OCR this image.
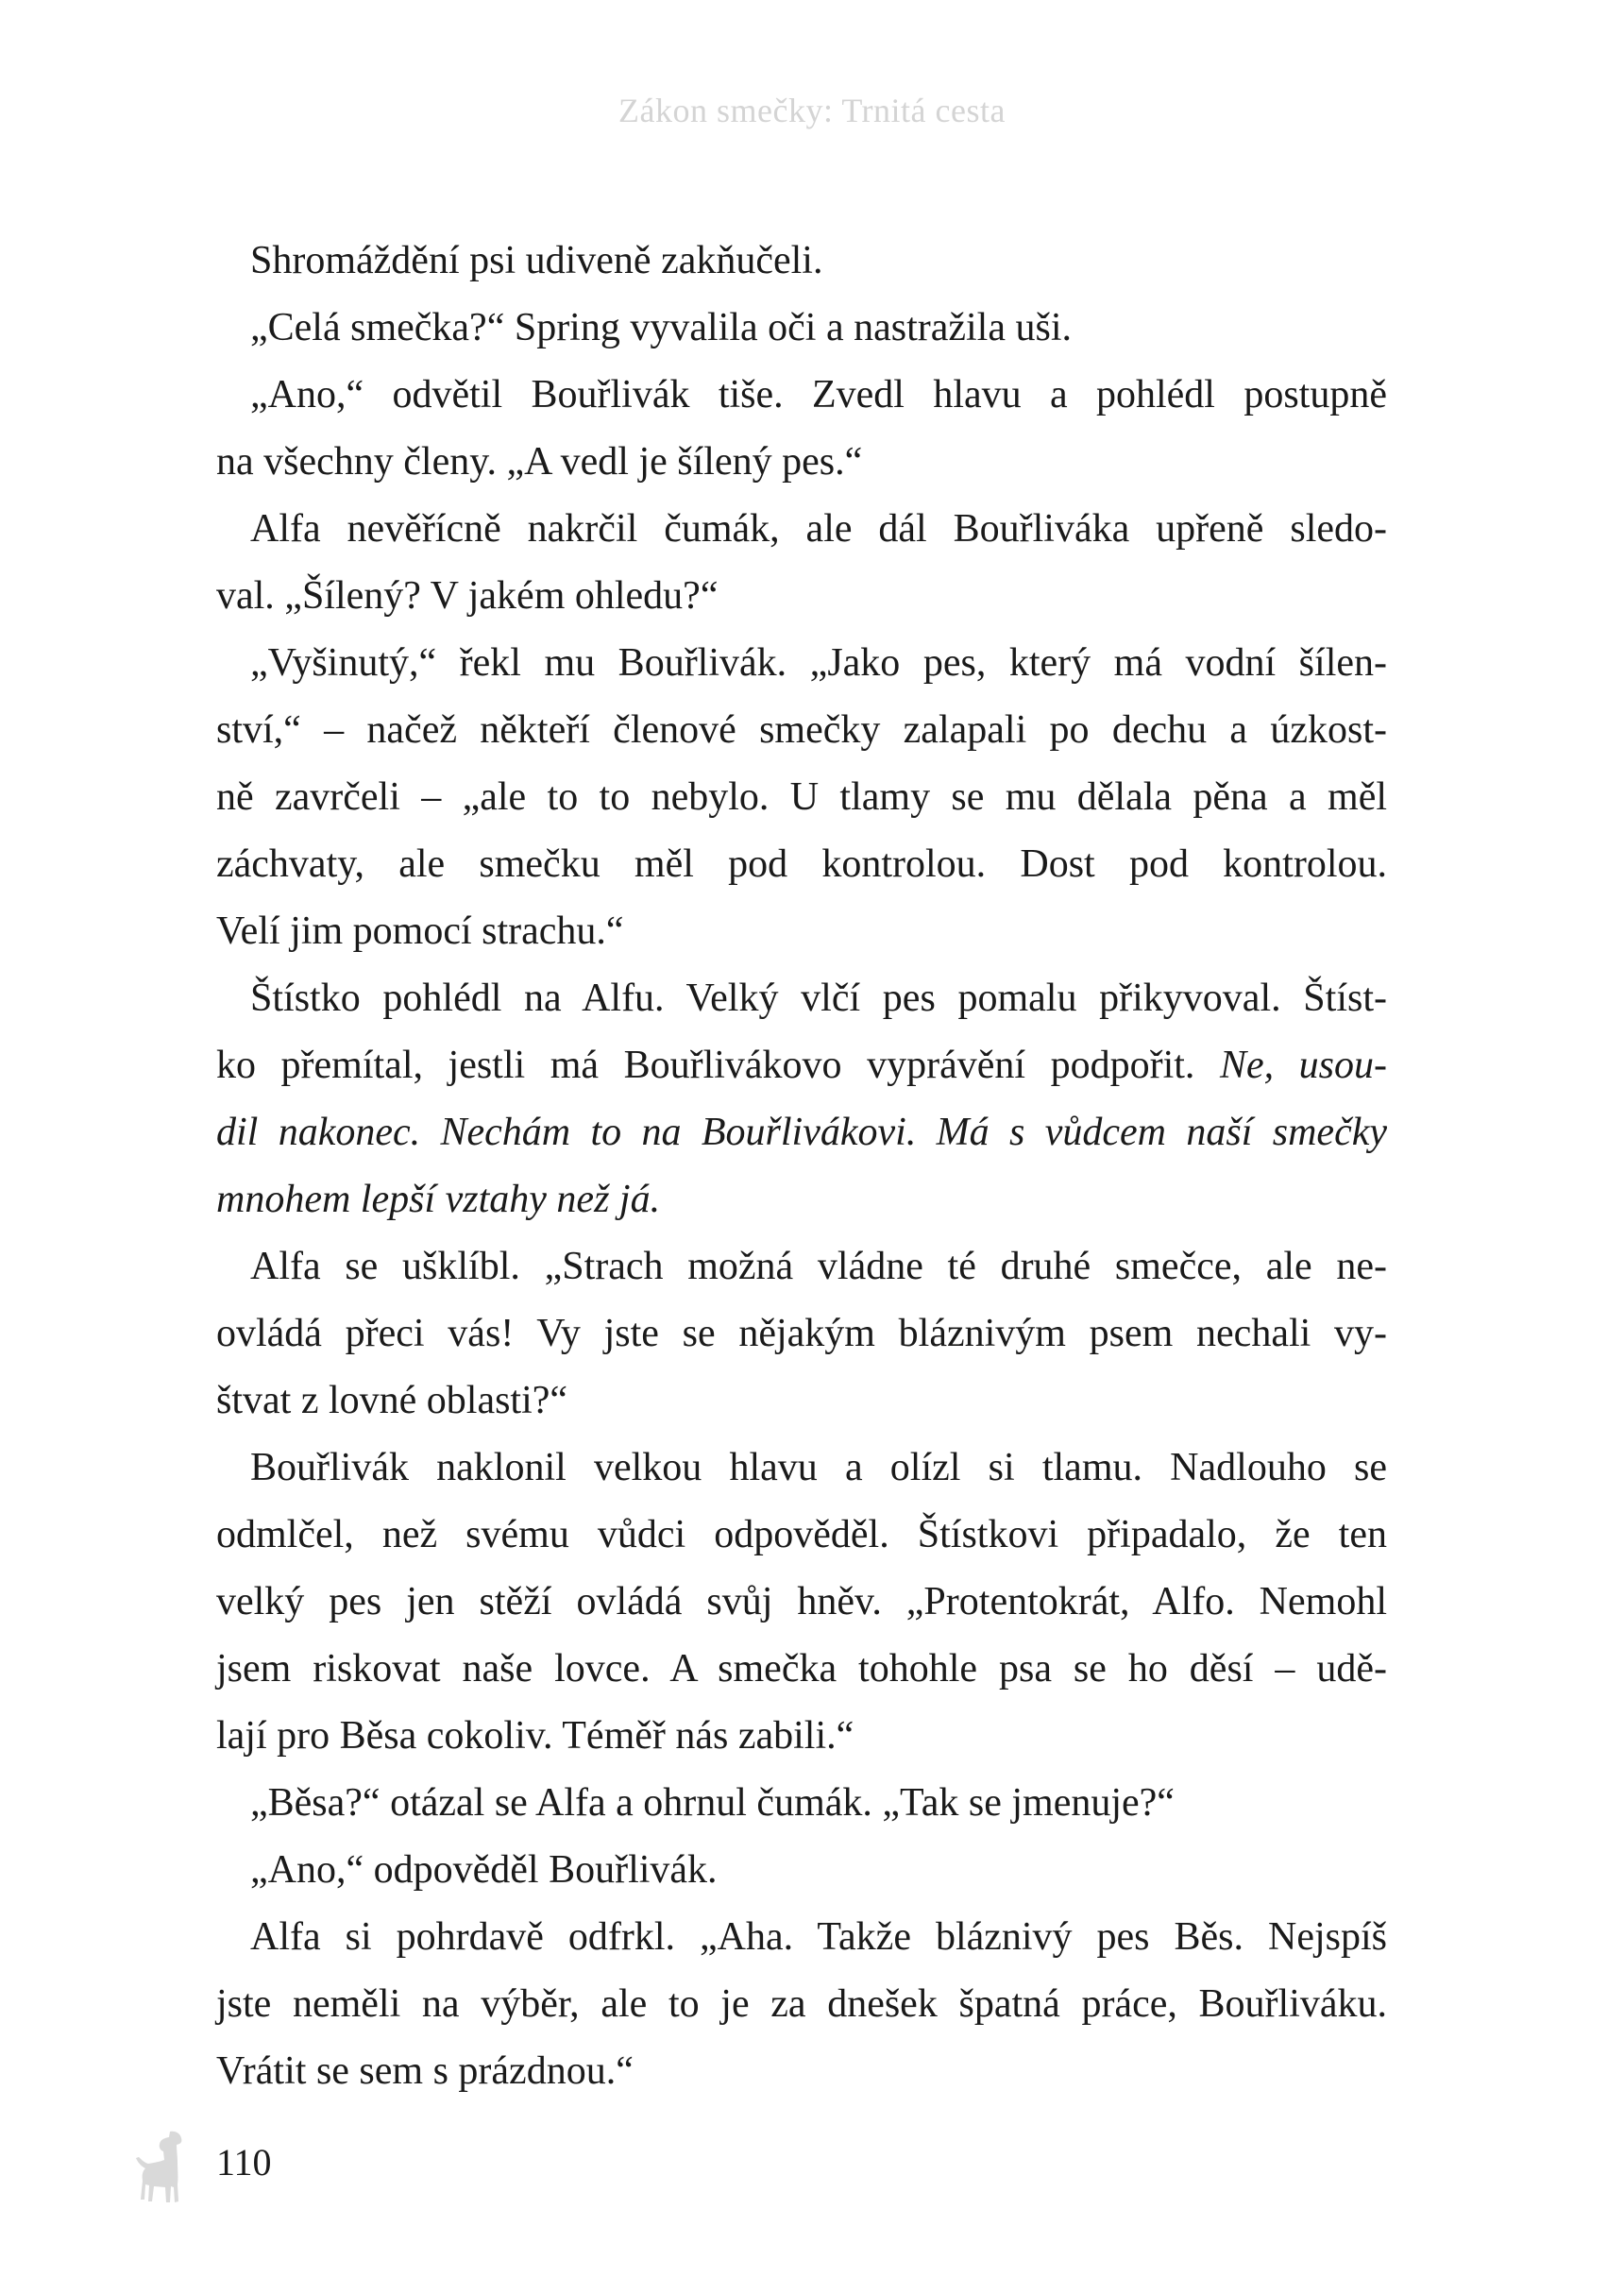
Zákon smečky: Trnitá cesta
Shromáždění psi udiveně zakňučeli.
„Celá smečka?“ Spring vyvalila oči a nastražila uši.
„Ano,“ odvětil Bouřlivák tiše. Zvedl hlavu a pohlédl postupně
na všechny členy. „A vedl je šílený pes.“
Alfa nevěřícně nakrčil čumák, ale dál Bouřliváka upřeně sledo-
val. „Šílený? V jakém ohledu?“
„Vyšinutý,“ řekl mu Bouřlivák. „Jako pes, který má vodní šílen-
ství,“ – načež někteří členové smečky zalapali po dechu a úzkost-
ně zavrčeli – „ale to to nebylo. U tlamy se mu dělala pěna a měl
záchvaty, ale smečku měl pod kontrolou. Dost pod kontrolou.
Velí jim pomocí strachu.“
Štístko pohlédl na Alfu. Velký vlčí pes pomalu přikyvoval. Štíst-
ko přemítal, jestli má Bouřlivákovo vyprávění podpořit. Ne, usou-
dil nakonec. Nechám to na Bouřlivákovi. Má s vůdcem naší smečky
mnohem lepší vztahy než já.
Alfa se ušklíbl. „Strach možná vládne té druhé smečce, ale ne-
ovládá přeci vás! Vy jste se nějakým bláznivým psem nechali vy-
štvat z lovné oblasti?“
Bouřlivák naklonil velkou hlavu a olízl si tlamu. Nadlouho se
odmlčel, než svému vůdci odpověděl. Štístkovi připadalo, že ten
velký pes jen stěží ovládá svůj hněv. „Protentokrát, Alfo. Nemohl
jsem riskovat naše lovce. A smečka tohohle psa se ho děsí – udě-
lají pro Běsa cokoliv. Téměř nás zabili.“
„Běsa?“ otázal se Alfa a ohrnul čumák. „Tak se jmenuje?“
„Ano,“ odpověděl Bouřlivák.
Alfa si pohrdavě odfrkl. „Aha. Takže bláznivý pes Běs. Nejspíš
jste neměli na výběr, ale to je za dnešek špatná práce, Bouřliváku.
Vrátit se sem s prázdnou.“
110
